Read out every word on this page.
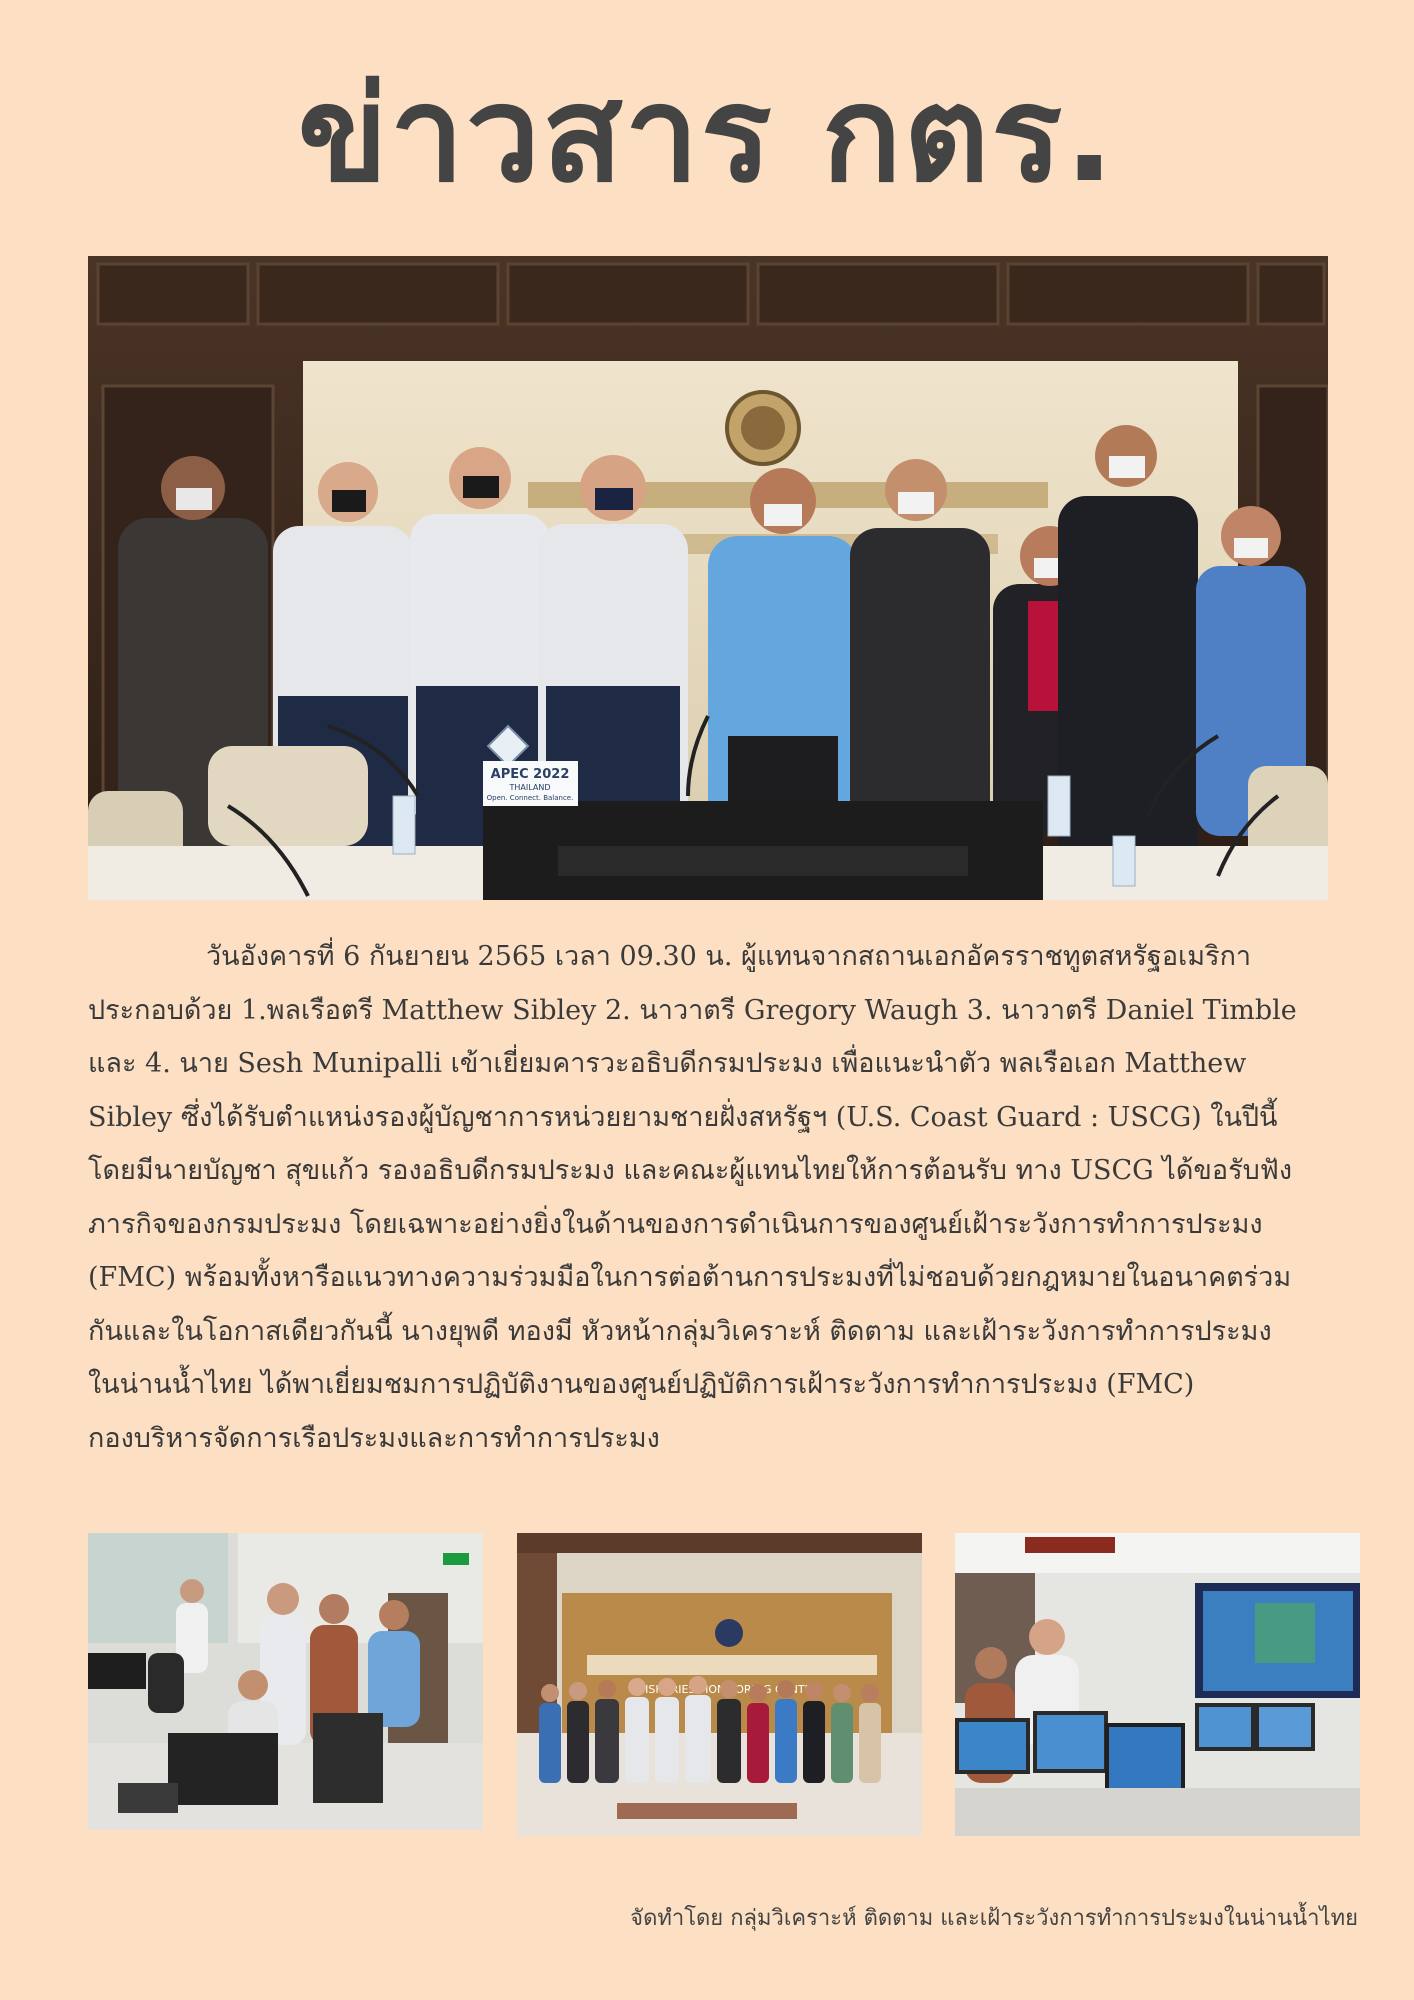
ข่าวสาร กตร.
APEC 2022
THAILAND
Open. Connect. Balance.
วันอังคารที่ 6 กันยายน 2565 เวลา 09.30 น. ผู้แทนจากสถานเอกอัครราชทูตสหรัฐอเมริกา
ประกอบด้วย 1.พลเรือตรี Matthew Sibley 2. นาวาตรี Gregory Waugh 3. นาวาตรี Daniel Timble
และ 4. นาย Sesh Munipalli เข้าเยี่ยมคารวะอธิบดีกรมประมง เพื่อแนะนำตัว พลเรือเอก Matthew
Sibley ซึ่งได้รับตำแหน่งรองผู้บัญชาการหน่วยยามชายฝั่งสหรัฐฯ (U.S. Coast Guard : USCG) ในปีนี้
โดยมีนายบัญชา สุขแก้ว รองอธิบดีกรมประมง และคณะผู้แทนไทยให้การต้อนรับ ทาง USCG ได้ขอรับฟัง
ภารกิจของกรมประมง โดยเฉพาะอย่างยิ่งในด้านของการดำเนินการของศูนย์เฝ้าระวังการทำการประมง
(FMC) พร้อมทั้งหารือแนวทางความร่วมมือในการต่อต้านการประมงที่ไม่ชอบด้วยกฎหมายในอนาคตร่วม
กันและในโอกาสเดียวกันนี้ นางยุพดี ทองมี หัวหน้ากลุ่มวิเคราะห์ ติดตาม และเฝ้าระวังการทำการประมง
ในน่านน้ำไทย ได้พาเยี่ยมชมการปฏิบัติงานของศูนย์ปฏิบัติการเฝ้าระวังการทำการประมง (FMC)
กองบริหารจัดการเรือประมงและการทำการประมง
CENTER
จัดทำโดย กลุ่มวิเคราะห์ ติดตาม และเฝ้าระวังการทำการประมงในน่านน้ำไทย
